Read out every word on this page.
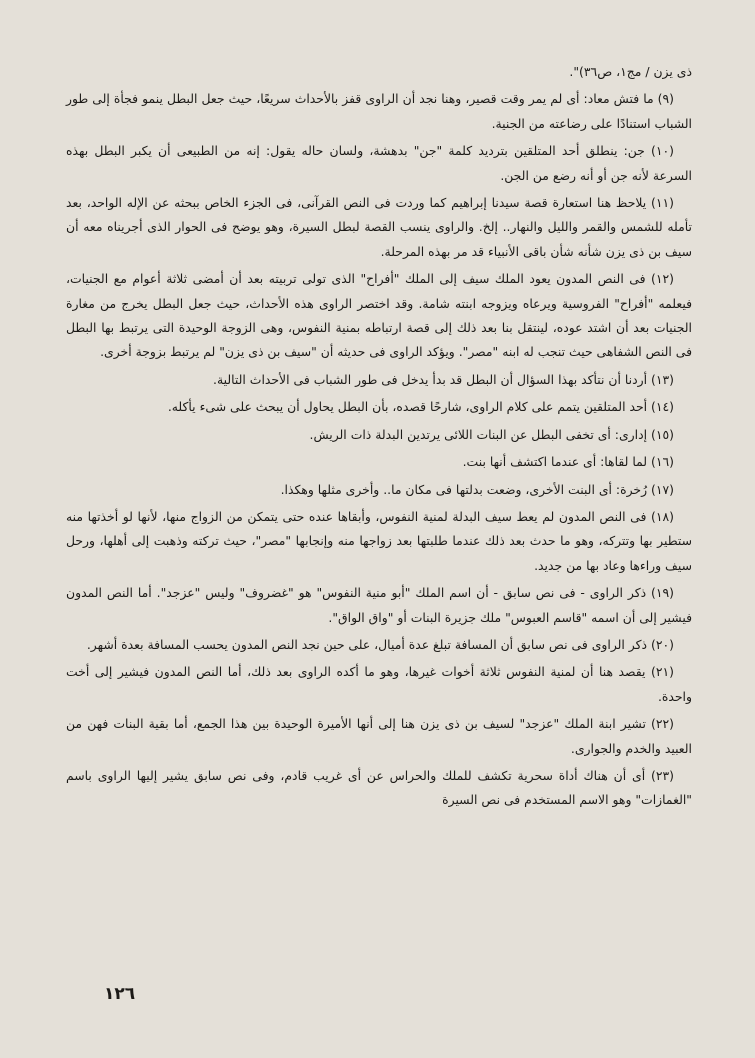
ذى يزن / مج١، ص٣٦)".

(٩) ما فتش معاد: أى لم يمر وقت قصير، وهنا نجد أن الراوى قفز بالأحداث سريعًا، حيث جعل البطل ينمو فجأة إلى طور الشباب استنادًا على رضاعته من الجنية.

(١٠) جن: ينطلق أحد المتلقين بترديد كلمة "جن" بدهشة، ولسان حاله يقول: إنه من الطبيعى أن يكبر البطل بهذه السرعة لأنه جن أو أنه رضع من الجن.

(١١) يلاحظ هنا استعارة قصة سيدنا إبراهيم كما وردت فى النص القرآنى، فى الجزء الخاص ببحثه عن الإله الواحد، بعد تأمله للشمس والقمر والليل والنهار.. إلخ. والراوى ينسب القصة لبطل السيرة، وهو يوضح فى الحوار الذى أجريناه معه أن سيف بن ذى يزن شأنه شأن باقى الأنبياء قد مر بهذه المرحلة.

(١٢) فى النص المدون يعود الملك سيف إلى الملك "أفراح" الذى تولى تربيته بعد أن أمضى ثلاثة أعوام مع الجنيات، فيعلمه "أفراح" الفروسية ويرعاه ويزوجه ابنته شامة. وقد اختصر الراوى هذه الأحداث، حيث جعل البطل يخرج من مغارة الجنيات بعد أن اشتد عوده، لينتقل بنا بعد ذلك إلى قصة ارتباطه بمنية النفوس، وهى الزوجة الوحيدة التى يرتبط بها البطل فى النص الشفاهى حيث تنجب له ابنه "مصر". ويؤكد الراوى فى حديثه أن "سيف بن ذى يزن" لم يرتبط بزوجة أخرى.

(١٣) أردنا أن نتأكد بهذا السؤال أن البطل قد بدأ يدخل فى طور الشباب فى الأحداث التالية.

(١٤) أحد المتلقين يتمم على كلام الراوى، شارحًا قصده، بأن البطل يحاول أن يبحث على شىء يأكله.

(١٥) إدارى: أى تخفى البطل عن البنات اللائى يرتدين البدلة ذات الريش.

(١٦) لما لقاها: أى عندما اكتشف أنها بنت.

(١٧) رُخرة: أى البنت الأخرى، وضعت بدلتها فى مكان ما.. وأخرى مثلها وهكذا.

(١٨) فى النص المدون لم يعط سيف البدلة لمنية النفوس، وأبقاها عنده حتى يتمكن من الزواج منها، لأنها لو أخذتها منه ستطير بها وتتركه، وهو ما حدث بعد ذلك عندما طلبتها بعد زواجها منه وإنجابها "مصر"، حيث تركته وذهبت إلى أهلها، ورحل سيف وراءها وعاد بها من جديد.

(١٩) ذكر الراوى - فى نص سابق - أن اسم الملك "أبو منية النفوس" هو "غضروف" وليس "عزجد". أما النص المدون فيشير إلى أن اسمه "قاسم العبوس" ملك جزيرة البنات أو "واق الواق".

(٢٠) ذكر الراوى فى نص سابق أن المسافة تبلغ عدة أميال، على حين نجد النص المدون يحسب المسافة بعدة أشهر.

(٢١) يقصد هنا أن لمنية النفوس ثلاثة أخوات غيرها، وهو ما أكده الراوى بعد ذلك، أما النص المدون فيشير إلى أخت واحدة.

(٢٢) تشير ابنة الملك "عزجد" لسيف بن ذى يزن هنا إلى أنها الأميرة الوحيدة بين هذا الجمع، أما بقية البنات فهن من العبيد والخدم والجوارى.

(٢٣) أى أن هناك أداة سحرية تكشف للملك والحراس عن أى غريب قادم، وفى نص سابق يشير إليها الراوى باسم "الغمازات" وهو الاسم المستخدم فى نص السيرة

١٢٦
